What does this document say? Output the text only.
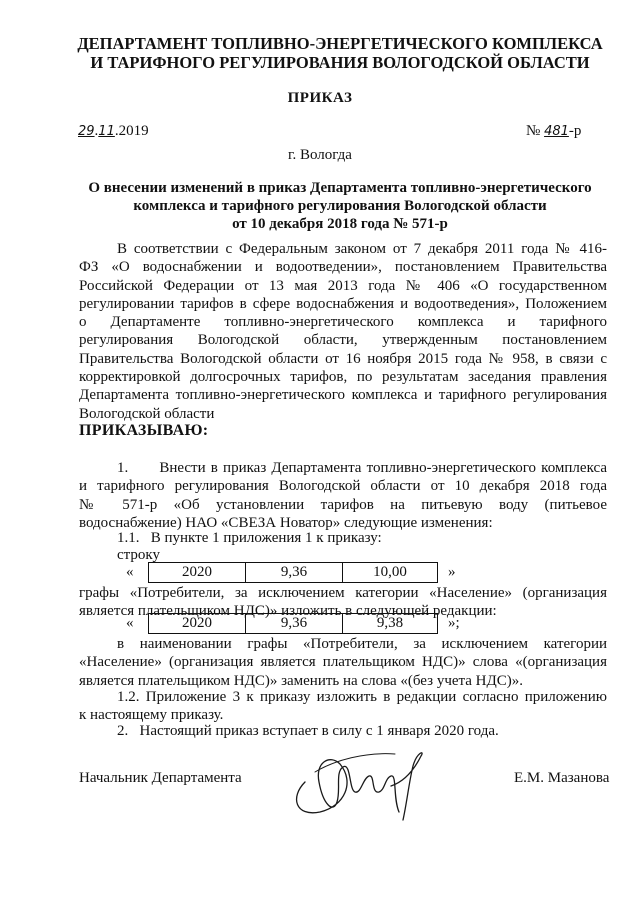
ДЕПАРТАМЕНТ ТОПЛИВНО-ЭНЕРГЕТИЧЕСКОГО КОМПЛЕКСА
И ТАРИФНОГО РЕГУЛИРОВАНИЯ ВОЛОГОДСКОЙ ОБЛАСТИ
ПРИКАЗ
29.11.2019	№ 481-р
г. Вологда
О внесении изменений в приказ Департамента топливно-энергетического
комплекса и тарифного регулирования Вологодской области
от 10 декабря 2018 года № 571-р
В соответствии с Федеральным законом от 7 декабря 2011 года № 416-
ФЗ «О водоснабжении и водоотведении», постановлением Правительства
Российской Федерации от 13 мая 2013 года № 406 «О государственном
регулировании тарифов в сфере водоснабжения и водоотведения», Положением
о Департаменте топливно-энергетического комплекса и тарифного
регулирования Вологодской области, утвержденным постановлением
Правительства Вологодской области от 16 ноября 2015 года № 958, в связи с
корректировкой долгосрочных тарифов, по результатам заседания правления
Департамента топливно-энергетического комплекса и тарифного регулирования
Вологодской области
ПРИКАЗЫВАЮ:
1.      Внести в приказ Департамента топливно-энергетического комплекса
и тарифного регулирования Вологодской области от 10 декабря 2018 года
№ 571-р «Об установлении тарифов на питьевую воду (питьевое
водоснабжение) НАО «СВЕЗА Новатор» следующие изменения:
1.1.   В пункте 1 приложения 1 к приказу:
строку
«	2020	9,36	10,00	»
графы «Потребители, за исключением категории «Население» (организация
является плательщиком НДС)» изложить в следующей редакции:
«	2020	9,36	9,38	»;
в наименовании графы «Потребители, за исключением категории
«Население» (организация является плательщиком НДС)» слова «(организация
является плательщиком НДС)» заменить на слова «(без учета НДС)».
1.2. Приложение 3 к приказу изложить в редакции согласно приложению
к настоящему приказу.
2.   Настоящий приказ вступает в силу с 1 января 2020 года.
Начальник Департамента	Е.М. Мазанова
